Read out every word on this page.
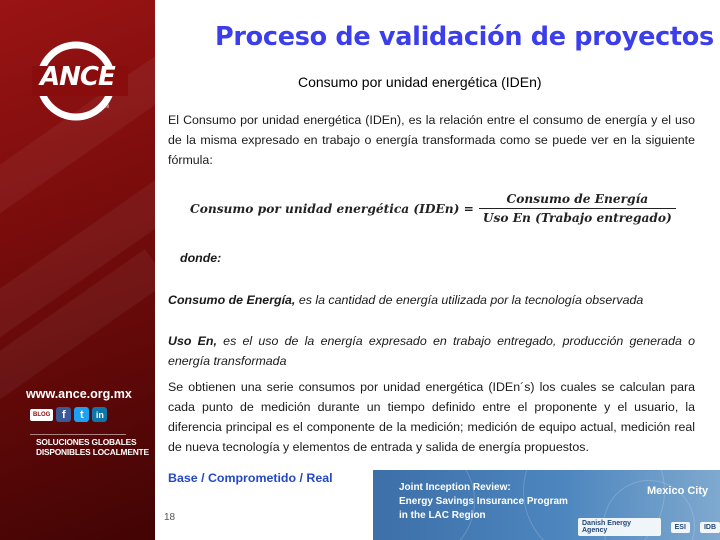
ANCE
MR
www.ance.org.mx
BLOG	f	t	in
SOLUCIONES GLOBALES
DISPONIBLES LOCALMENTE
Proceso de validación de proyectos
Consumo por unidad energética (IDEn)
El Consumo por unidad energética (IDEn), es la relación entre el consumo de energía y el uso de la misma expresado en trabajo o energía transformada como se puede ver en la siguiente fórmula:
Consumo por unidad energética (IDEn) = $\frac{\text{Consumo de Energía}}{\text{Uso En (Trabajo entregado)}}$
donde:
Consumo de Energía, es la cantidad de energía utilizada por la tecnología observada
Uso En, es el uso de la energía expresado en trabajo entregado, producción generada o energía transformada
Se obtienen una serie consumos por unidad energética (IDEn´s) los cuales se calculan para cada punto de medición durante un tiempo definido entre el proponente y el usuario, la diferencia principal es el componente de la medición; medición de equipo actual, medición real de nueva tecnología y elementos de entrada y salida de energía propuestos.
Base / Comprometido / Real
18
Joint Inception Review:
Energy Savings Insurance Program
in the LAC Region
Mexico City
Danish Energy Agency	ESI	IDB
